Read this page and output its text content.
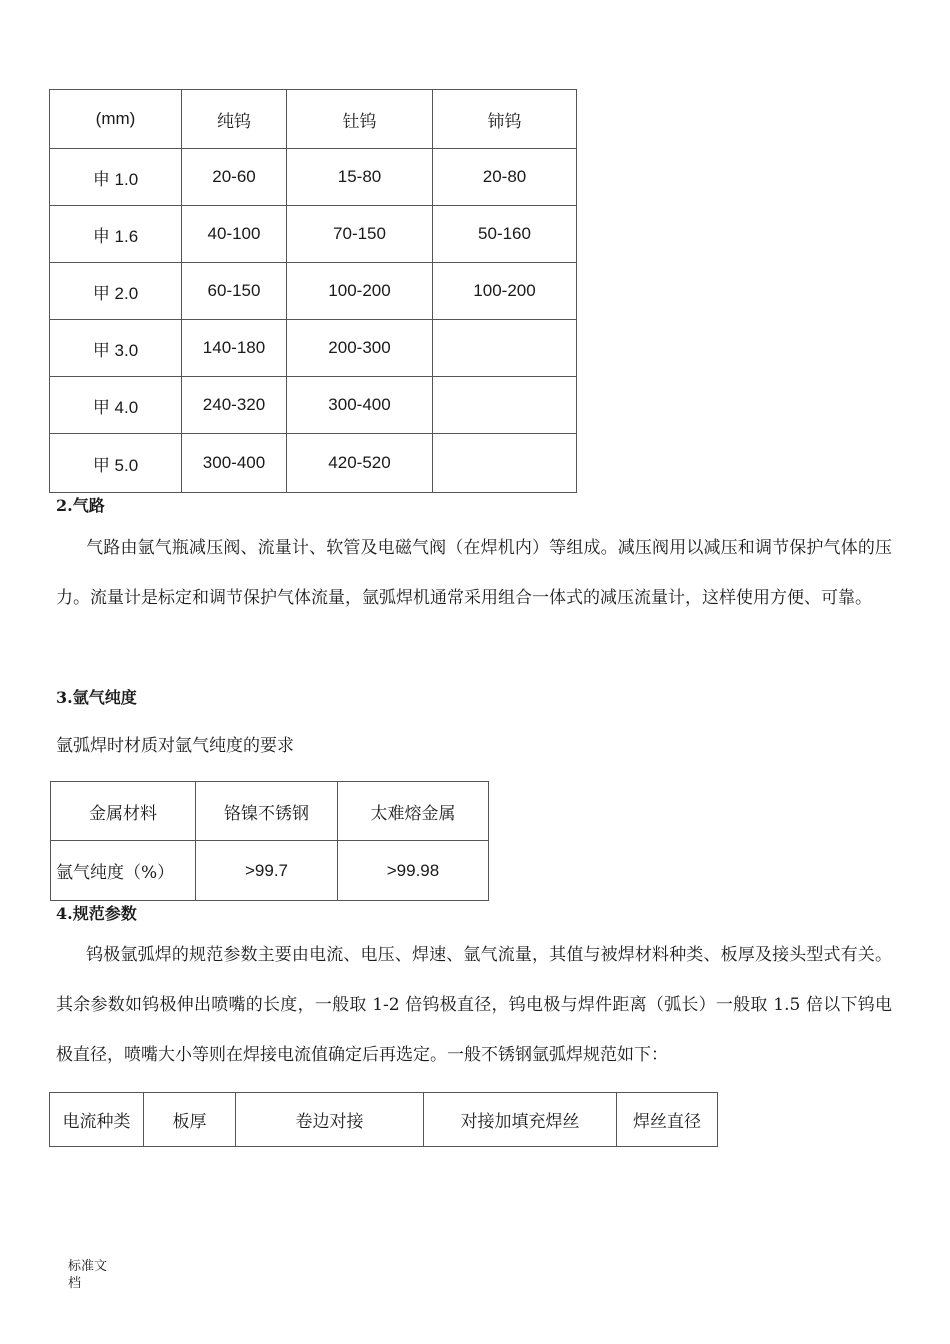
(mm)	纯钨	钍钨	铈钨
申 1.0	20-60	15-80	20-80
申 1.6	40-100	70-150	50-160
甲 2.0	60-150	100-200	100-200
甲 3.0	140-180	200-300	
甲 4.0	240-320	300-400	
甲 5.0	300-400	420-520	

2.气路

气路由氩气瓶减压阀、流量计、软管及电磁气阀（在焊机内）等组成。减压阀用以减压和调节保护气体的压力。流量计是标定和调节保护气体流量，氩弧焊机通常采用组合一体式的减压流量计，这样使用方便、可靠。

3.氩气纯度

氩弧焊时材质对氩气纯度的要求

金属材料	铬镍不锈钢	太难熔金属
氩气纯度（%）	>99.7	>99.98

4.规范参数

钨极氩弧焊的规范参数主要由电流、电压、焊速、氩气流量，其值与被焊材料种类、板厚及接头型式有关。其余参数如钨极伸出喷嘴的长度，一般取 1-2 倍钨极直径，钨电极与焊件距离（弧长）一般取 1.5 倍以下钨电极直径，喷嘴大小等则在焊接电流值确定后再选定。一般不锈钢氩弧焊规范如下：

电流种类	板厚	卷边对接	对接加填充焊丝	焊丝直径
标准文档
